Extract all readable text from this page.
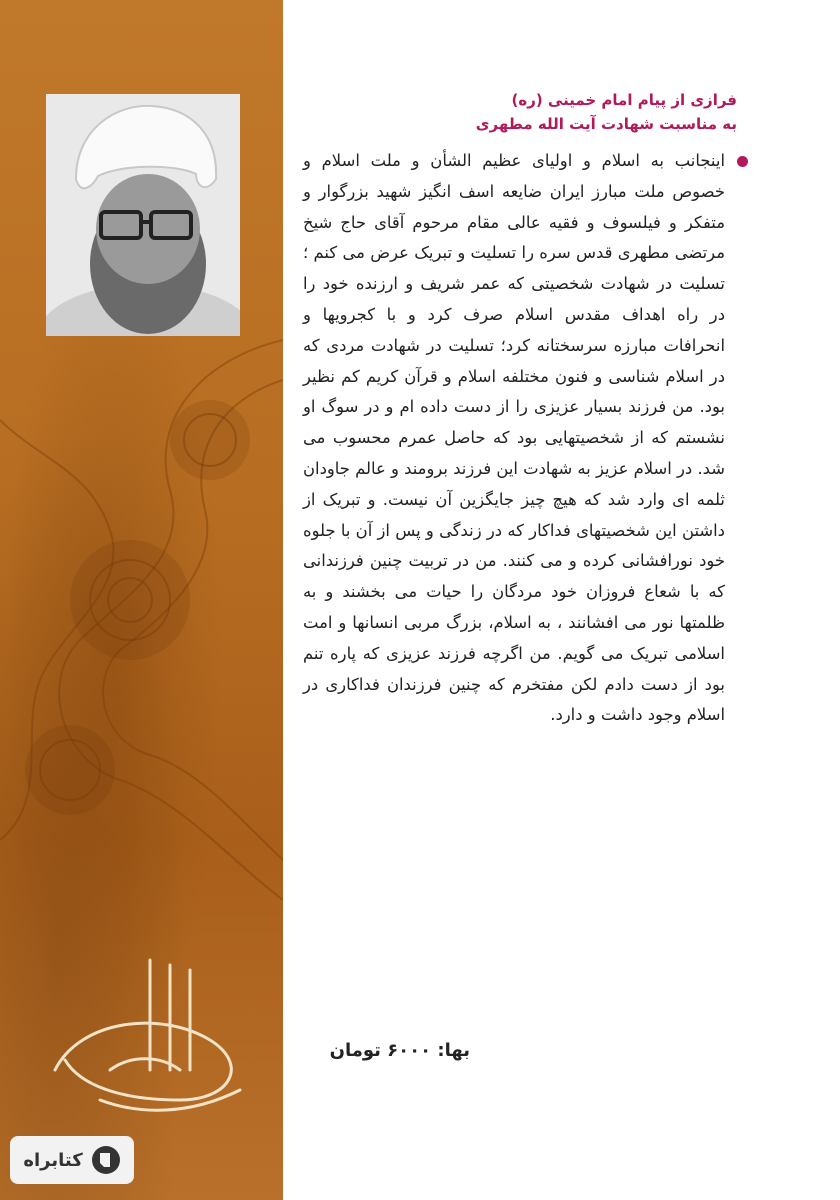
کتابراه
فرازی از پیام امام خمینی (ره)
به مناسبت شهادت آیت الله مطهری
اینجانب به اسلام و اولیای عظیم الشأن و ملت اسلام و خصوص ملت مبارز ایران ضایعه اسف انگیز شهید بزرگوار و متفکر و فیلسوف و فقیه عالی مقام مرحوم آقای حاج شیخ مرتضی مطهری قدس سره را تسلیت و تبریک عرض می کنم ؛ تسلیت در شهادت شخصیتی که عمر شریف و ارزنده خود را در راه اهداف مقدس اسلام صرف کرد و با کجرویها و انحرافات مبارزه سرسختانه کرد؛ تسلیت در شهادت مردی که در اسلام شناسی و فنون مختلفه اسلام و قرآن کریم کم نظیر بود. من فرزند بسیار عزیزی را از دست داده ام و در سوگ او نشستم که از شخصیتهایی بود که حاصل عمرم محسوب می شد. در اسلام عزیز به شهادت این فرزند برومند و عالم جاودان ثلمه ای وارد شد که هیچ چیز جایگزین آن نیست. و تبریک از داشتن این شخصیتهای فداکار که در زندگی و پس از آن با جلوه خود نورافشانی کرده و می کنند. من در تربیت چنین فرزندانی که با شعاع فروزان خود مردگان را حیات می بخشند و به ظلمتها نور می افشانند ، به اسلام، بزرگ مربی انسانها و امت اسلامی تبریک می گویم. من اگرچه فرزند عزیزی که پاره تنم بود از دست دادم لکن مفتخرم که چنین فرزندان فداکاری در اسلام وجود داشت و دارد.
بها: ۶۰۰۰ تومان
